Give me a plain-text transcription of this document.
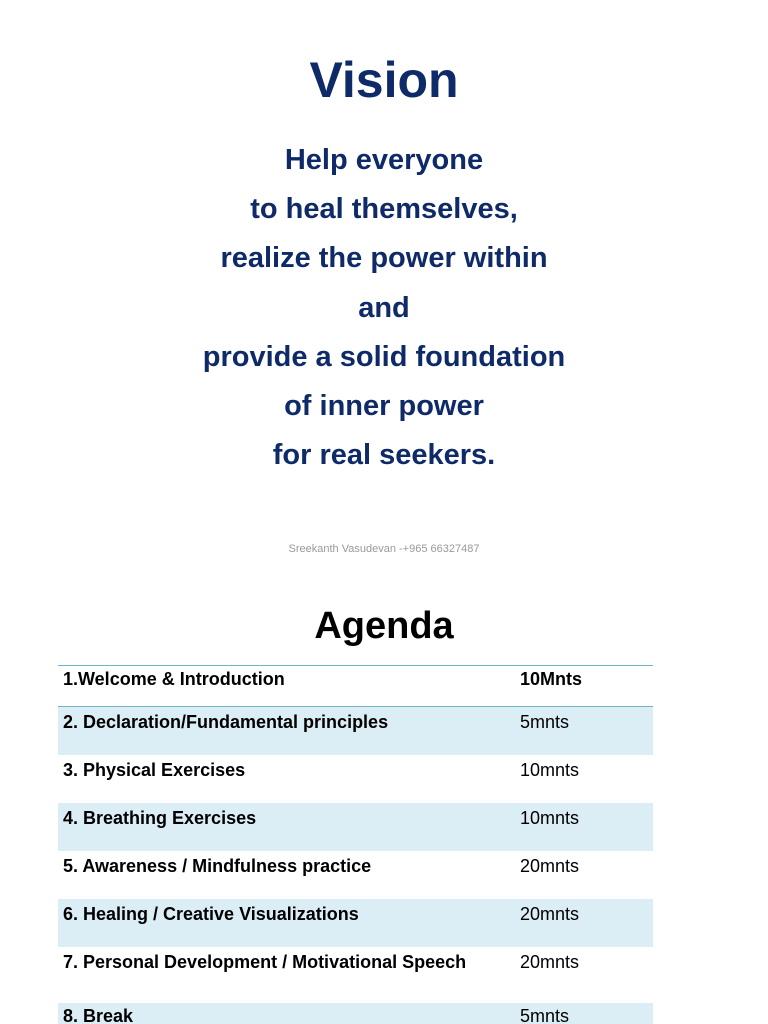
Vision
Help everyone
to heal themselves,
realize the power within
and
provide a solid foundation
of inner power
for real seekers.
Sreekanth Vasudevan -+965 66327487
Agenda
1.Welcome & Introduction	10Mnts
2. Declaration/Fundamental principles	5mnts
3. Physical Exercises	10mnts
4. Breathing Exercises	10mnts
5. Awareness / Mindfulness practice	20mnts
6. Healing / Creative Visualizations	20mnts
7. Personal Development / Motivational Speech	20mnts
8. Break	5mnts
